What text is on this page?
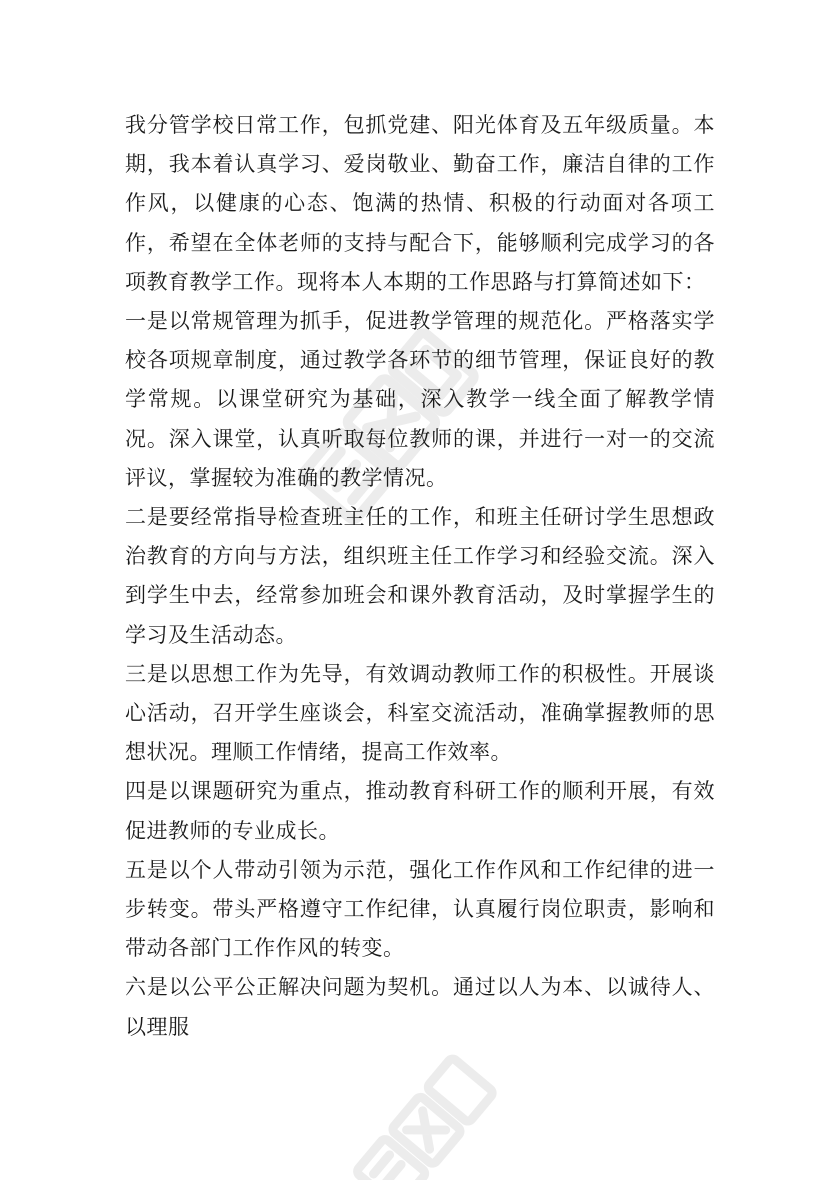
我分管学校日常工作，包抓党建、阳光体育及五年级质量。本期，我本着认真学习、爱岗敬业、勤奋工作，廉洁自律的工作作风，以健康的心态、饱满的热情、积极的行动面对各项工作，希望在全体老师的支持与配合下，能够顺利完成学习的各项教育教学工作。现将本人本期的工作思路与打算简述如下：

一是以常规管理为抓手，促进教学管理的规范化。严格落实学校各项规章制度，通过教学各环节的细节管理，保证良好的教学常规。以课堂研究为基础，深入教学一线全面了解教学情况。深入课堂，认真听取每位教师的课，并进行一对一的交流评议，掌握较为准确的教学情况。

二是要经常指导检查班主任的工作，和班主任研讨学生思想政治教育的方向与方法，组织班主任工作学习和经验交流。深入到学生中去，经常参加班会和课外教育活动，及时掌握学生的学习及生活动态。

三是以思想工作为先导，有效调动教师工作的积极性。开展谈心活动，召开学生座谈会，科室交流活动，准确掌握教师的思想状况。理顺工作情绪，提高工作效率。

四是以课题研究为重点，推动教育科研工作的顺利开展，有效促进教师的专业成长。

五是以个人带动引领为示范，强化工作作风和工作纪律的进一步转变。带头严格遵守工作纪律，认真履行岗位职责，影响和带动各部门工作作风的转变。

六是以公平公正解决问题为契机。通过以人为本、以诚待人、以理服
